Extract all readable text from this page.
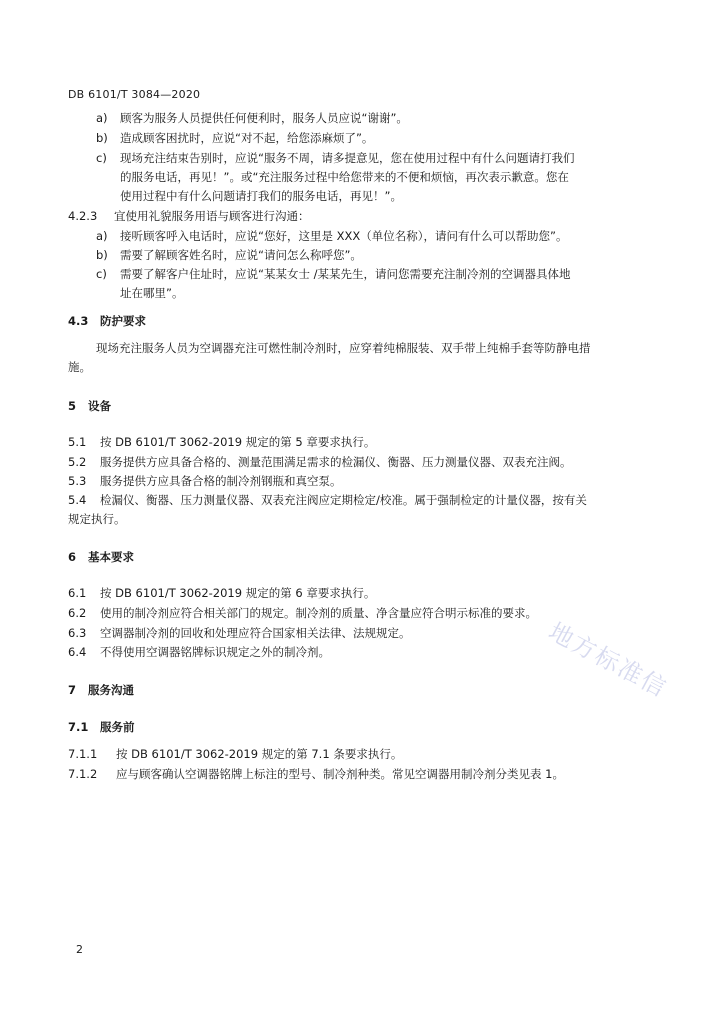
DB 6101/T 3084—2020
a) 顾客为服务人员提供任何便利时，服务人员应说“谢谢”。
b) 造成顾客困扰时，应说“对不起，给您添麻烦了”。
c) 现场充注结束告别时，应说“服务不周，请多提意见，您在使用过程中有什么问题请打我们
的服务电话，再见！”。或“充注服务过程中给您带来的不便和烦恼，再次表示歉意。您在
使用过程中有什么问题请打我们的服务电话，再见！”。
4.2.3 宜使用礼貌服务用语与顾客进行沟通：
a) 接听顾客呼入电话时，应说“您好，这里是 XXX（单位名称），请问有什么可以帮助您”。
b) 需要了解顾客姓名时，应说“请问怎么称呼您”。
c) 需要了解客户住址时，应说“某某女士 /某某先生，请问您需要充注制冷剂的空调器具体地
址在哪里”。
4.3 防护要求
现场充注服务人员为空调器充注可燃性制冷剂时，应穿着纯棉服装、双手带上纯棉手套等防静电措
施。
5 设备
5.1 按 DB 6101/T 3062-2019 规定的第 5 章要求执行。
5.2 服务提供方应具备合格的、测量范围满足需求的检漏仪、衡器、压力测量仪器、双表充注阀。
5.3 服务提供方应具备合格的制冷剂钢瓶和真空泵。
5.4 检漏仪、衡器、压力测量仪器、双表充注阀应定期检定/校准。属于强制检定的计量仪器，按有关
规定执行。
6 基本要求
6.1 按 DB 6101/T 3062-2019 规定的第 6 章要求执行。
6.2 使用的制冷剂应符合相关部门的规定。制冷剂的质量、净含量应符合明示标准的要求。
6.3 空调器制冷剂的回收和处理应符合国家相关法律、法规规定。
6.4 不得使用空调器铭牌标识规定之外的制冷剂。
7 服务沟通
7.1 服务前
7.1.1 按 DB 6101/T 3062-2019 规定的第 7.1 条要求执行。
7.1.2 应与顾客确认空调器铭牌上标注的型号、制冷剂种类。常见空调器用制冷剂分类见表 1。
地方标准信
2
